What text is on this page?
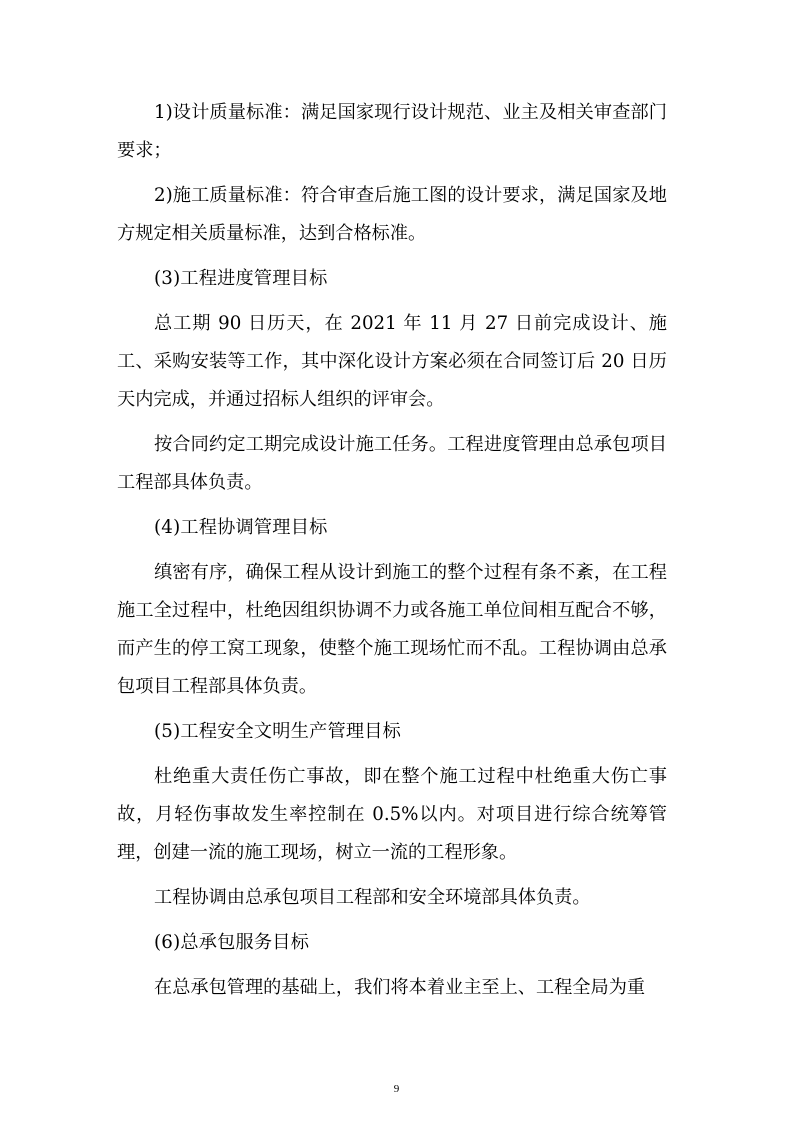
1)设计质量标准：满足国家现行设计规范、业主及相关审查部门要求；

2)施工质量标准：符合审查后施工图的设计要求，满足国家及地方规定相关质量标准，达到合格标准。

(3)工程进度管理目标

总工期 90 日历天，在 2021 年 11 月 27 日前完成设计、施工、采购安装等工作，其中深化设计方案必须在合同签订后 20 日历天内完成，并通过招标人组织的评审会。

按合同约定工期完成设计施工任务。工程进度管理由总承包项目工程部具体负责。

(4)工程协调管理目标

缜密有序，确保工程从设计到施工的整个过程有条不紊，在工程施工全过程中，杜绝因组织协调不力或各施工单位间相互配合不够，而产生的停工窝工现象，使整个施工现场忙而不乱。工程协调由总承包项目工程部具体负责。

(5)工程安全文明生产管理目标

杜绝重大责任伤亡事故，即在整个施工过程中杜绝重大伤亡事故，月轻伤事故发生率控制在 0.5%以内。对项目进行综合统筹管理，创建一流的施工现场，树立一流的工程形象。

工程协调由总承包项目工程部和安全环境部具体负责。

(6)总承包服务目标

在总承包管理的基础上，我们将本着业主至上、工程全局为重

9
